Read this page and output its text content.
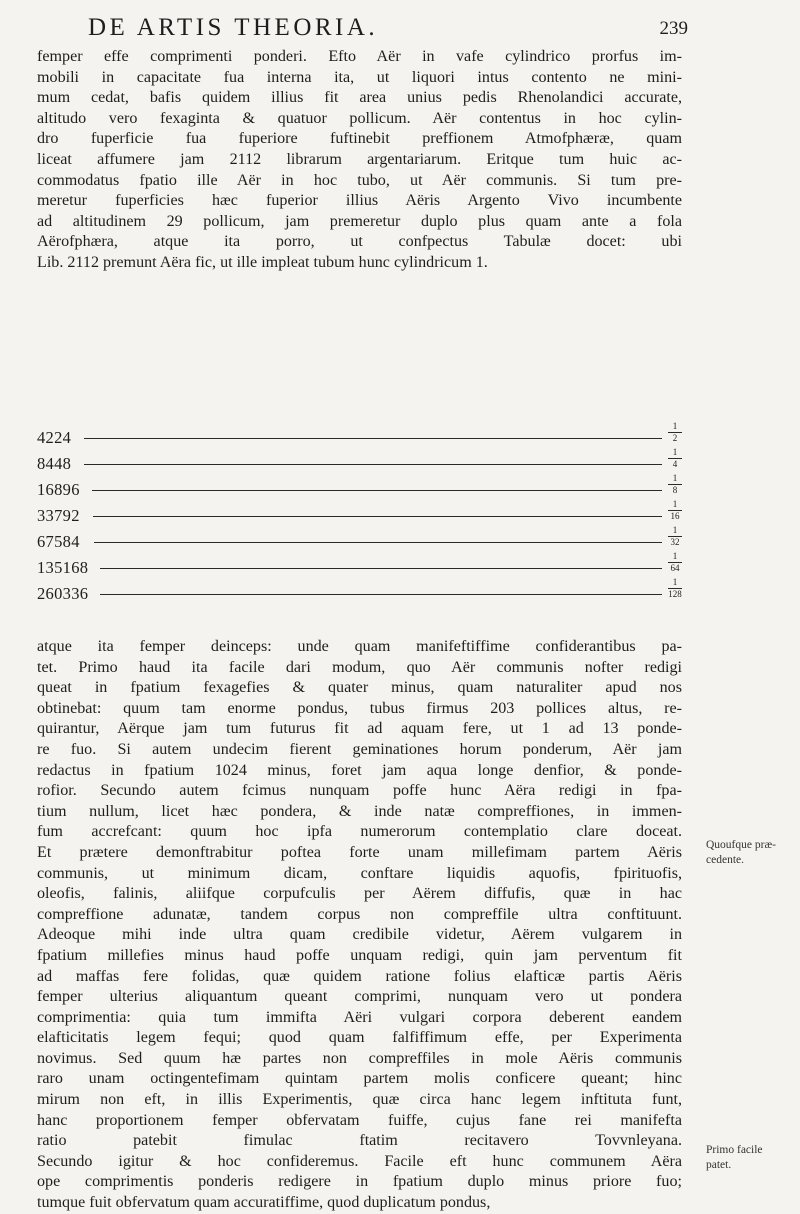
DE ARTIS THEORIA.	239
femper effe comprimenti ponderi. Efto Aër in vafe cylindrico prorfus im-
mobili in capacitate fua interna ita, ut liquori intus contento ne mini-
mum cedat, bafis quidem illius fit area unius pedis Rhenolandici accurate,
altitudo vero fexaginta & quatuor pollicum. Aër contentus in hoc cylin-
dro fuperficie fua fuperiore fuftinebit preffionem Atmofphæræ, quam
liceat affumere jam 2112 librarum argentariarum. Eritque tum huic ac-
commodatus fpatio ille Aër in hoc tubo, ut Aër communis. Si tum pre-
meretur fuperficies hæc fuperior illius Aëris Argento Vivo incumbente
ad altitudinem 29 pollicum, jam premeretur duplo plus quam ante a fola
Aërofphæra, atque ita porro, ut confpectus Tabulæ docet: ubi
Lib. 2112 premunt Aëra fic, ut ille impleat tubum hunc cylindricum 1.
4224	$\frac{1}{2}$
8448	$\frac{1}{4}$
16896	$\frac{1}{8}$
33792	$\frac{1}{16}$
67584	$\frac{1}{32}$
135168	$\frac{1}{64}$
260336	$\frac{1}{128}$
atque ita femper deinceps: unde quam manifeftiffime confiderantibus pa-
tet. Primo haud ita facile dari modum, quo Aër communis nofter redigi
queat in fpatium fexagefies & quater minus, quam naturaliter apud nos
obtinebat: quum tam enorme pondus, tubus firmus 203 pollices altus, re-
quirantur, Aërque jam tum futurus fit ad aquam fere, ut 1 ad 13 ponde-
re fuo. Si autem undecim fierent geminationes horum ponderum, Aër jam
redactus in fpatium 1024 minus, foret jam aqua longe denfior, & ponde-
rofior. Secundo autem fcimus nunquam poffe hunc Aëra redigi in fpa-
tium nullum, licet hæc pondera, & inde natæ compreffiones, in immen-
fum accrefcant: quum hoc ipfa numerorum contemplatio clare doceat.
Et prætere demonftrabitur poftea forte unam millefimam partem Aëris
communis, ut minimum dicam, conftare liquidis aquofis, fpirituofis,
oleofis, falinis, aliifque corpufculis per Aërem diffufis, quæ in hac
compreffione adunatæ, tandem corpus non compreffile ultra conftituunt.
Adeoque mihi inde ultra quam credibile videtur, Aërem vulgarem in
fpatium millefies minus haud poffe unquam redigi, quin jam perventum fit
ad maffas fere folidas, quæ quidem ratione folius elafticæ partis Aëris
femper ulterius aliquantum queant comprimi, nunquam vero ut pondera
comprimentia: quia tum immifta Aëri vulgari corpora deberent eandem
elafticitatis legem fequi; quod quam falfiffimum effe, per Experimenta
novimus. Sed quum hæ partes non compreffiles in mole Aëris communis
raro unam octingentefimam quintam partem molis conficere queant; hinc
mirum non eft, in illis Experimentis, quæ circa hanc legem inftituta funt,
hanc proportionem femper obfervatam fuiffe, cujus fane rei manifefta
ratio patebit fimulac ftatim recitavero Tovvnleyana.
Secundo igitur & hoc confideremus. Facile eft hunc communem Aëra
ope comprimentis ponderis redigere in fpatium duplo minus priore fuo;
tumque fuit obfervatum quam accuratiffime, quod duplicatum pondus,
Quoufque præ-
cedente.
Primo facile
patet.
